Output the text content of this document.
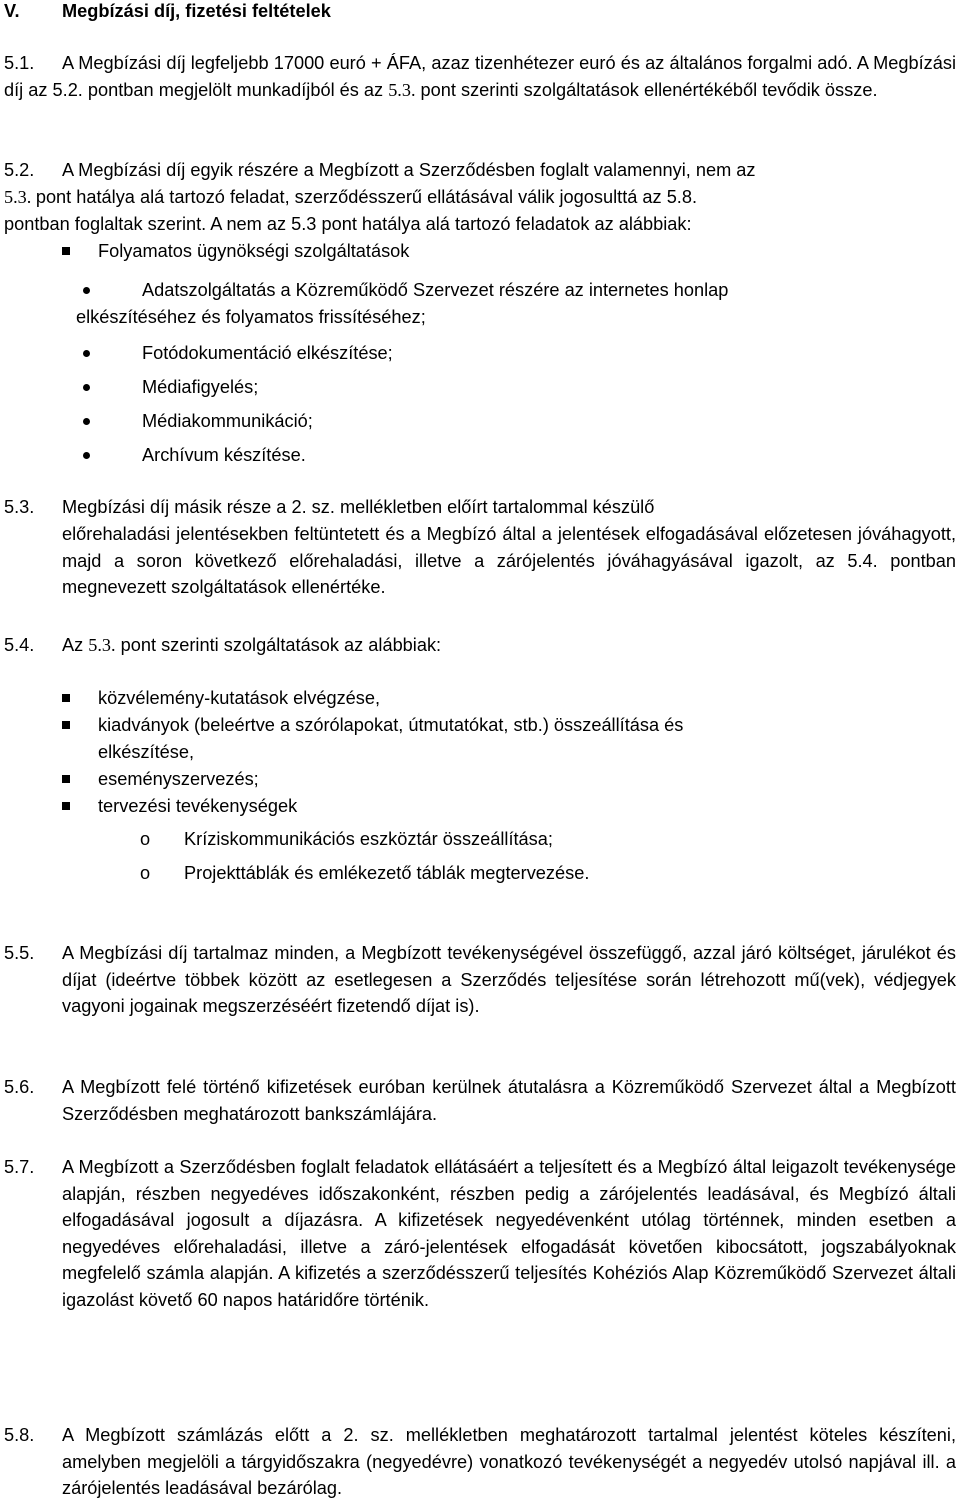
V. Megbízási díj, fizetési feltételek
5.1.	A Megbízási díj legfeljebb 17000 euró + ÁFA, azaz tizenhétezer euró és az általános forgalmi adó. A Megbízási díj az 5.2. pontban megjelölt munkadíjból és az 5.3. pont szerinti szolgáltatások ellenértékéből tevődik össze.
5.2. A Megbízási díj egyik részére a Megbízott a Szerződésben foglalt valamennyi, nem az
5.3. pont hatálya alá tartozó feladat, szerződésszerű ellátásával válik jogosulttá az 5.8.
pontban foglaltak szerint. A nem az 5.3 pont hatálya alá tartozó feladatok az alábbiak:
Folyamatos ügynökségi szolgáltatások
Adatszolgáltatás a Közreműködő Szervezet részére az internetes honlap
elkészítéséhez és folyamatos frissítéséhez;
Fotódokumentáció elkészítése;
Médiafigyelés;
Médiakommunikáció;
Archívum készítése.
5.3. Megbízási díj másik része a 2. sz. mellékletben előírt tartalommal készülő
előrehaladási jelentésekben feltüntetett és a Megbízó által a jelentések elfogadásával előzetesen jóváhagyott, majd a soron következő előrehaladási, illetve a zárójelentés jóváhagyásával igazolt, az 5.4. pontban megnevezett szolgáltatások ellenértéke.
5.4. Az 5.3. pont szerinti szolgáltatások az alábbiak:
közvélemény-kutatások elvégzése,
kiadványok (beleértve a szórólapokat, útmutatókat, stb.) összeállítása és
elkészítése,
eseményszervezés;
tervezési tevékenységek
o Kríziskommunikációs eszköztár összeállítása;
o Projekttáblák és emlékezető táblák megtervezése.
5.5. A Megbízási díj tartalmaz minden, a Megbízott tevékenységével összefüggő, azzal járó költséget, járulékot és díjat (ideértve többek között az esetlegesen a Szerződés teljesítése során létrehozott mű(vek), védjegyek vagyoni jogainak megszerzéséért fizetendő díjat is).
5.6. A Megbízott felé történő kifizetések euróban kerülnek átutalásra a Közreműködő Szervezet által a Megbízott Szerződésben meghatározott bankszámlájára.
5.7. A Megbízott a Szerződésben foglalt feladatok ellátásáért a teljesített és a Megbízó által leigazolt tevékenysége alapján, részben negyedéves időszakonként, részben pedig a zárójelentés leadásával, és Megbízó általi elfogadásával jogosult a díjazásra. A kifizetések negyedévenként utólag történnek, minden esetben a negyedéves előrehaladási, illetve a záró-jelentések elfogadását követően kibocsátott, jogszabályoknak megfelelő számla alapján. A kifizetés a szerződésszerű teljesítés Kohéziós Alap Közreműködő Szervezet általi igazolást követő 60 napos határidőre történik.
5.8. A Megbízott számlázás előtt a 2. sz. mellékletben meghatározott tartalmal jelentést köteles készíteni, amelyben megjelöli a tárgyidőszakra (negyedévre) vonatkozó tevékenységét a negyedév utolsó napjával ill. a zárójelentés leadásával bezárólag.
